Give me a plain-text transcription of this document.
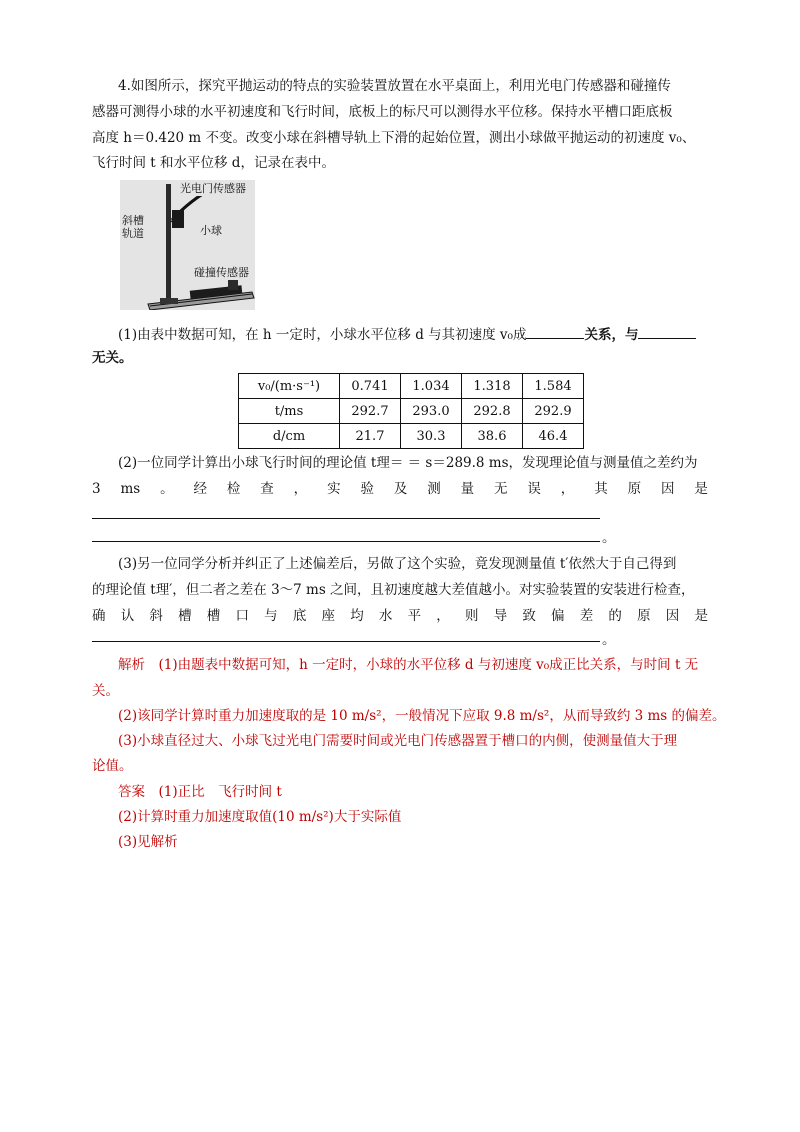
4.如图所示，探究平抛运动的特点的实验装置放置在水平桌面上，利用光电门传感器和碰撞传
感器可测得小球的水平初速度和飞行时间，底板上的标尺可以测得水平位移。保持水平槽口距底板
高度 h＝0.420 m 不变。改变小球在斜槽导轨上下滑的起始位置，测出小球做平抛运动的初速度 v₀、
飞行时间 t 和水平位移 d，记录在表中。
光电门传感器
斜槽
轨道	小球
碰撞传感器
(1)由表中数据可知，在 h 一定时，小球水平位移 d 与其初速度 v₀成	关系，与
无关。
v₀/(m·s⁻¹)	0.741	1.034	1.318	1.584
t/ms	292.7	293.0	292.8	292.9
d/cm	21.7	30.3	38.6	46.4
(2)一位同学计算出小球飞行时间的理论值 t理＝ ＝ s＝289.8 ms，发现理论值与测量值之差约为
3 ms 。 经 检 查 ， 实 验 及 测 量 无 误 ， 其 原 因 是
。
(3)另一位同学分析并纠正了上述偏差后，另做了这个实验，竟发现测量值 t′依然大于自己得到
的理论值 t理′，但二者之差在 3～7 ms 之间，且初速度越大差值越小。对实验装置的安装进行检查，
确 认 斜 槽 槽 口 与 底 座 均 水 平 ， 则 导 致 偏 差 的 原 因 是
。
解析　(1)由题表中数据可知，h 一定时，小球的水平位移 d 与初速度 v₀成正比关系，与时间 t 无
关。
(2)该同学计算时重力加速度取的是 10 m/s²，一般情况下应取 9.8 m/s²，从而导致约 3 ms 的偏差。
(3)小球直径过大、小球飞过光电门需要时间或光电门传感器置于槽口的内侧，使测量值大于理
论值。
答案　(1)正比　飞行时间 t
(2)计算时重力加速度取值(10 m/s²)大于实际值
(3)见解析
